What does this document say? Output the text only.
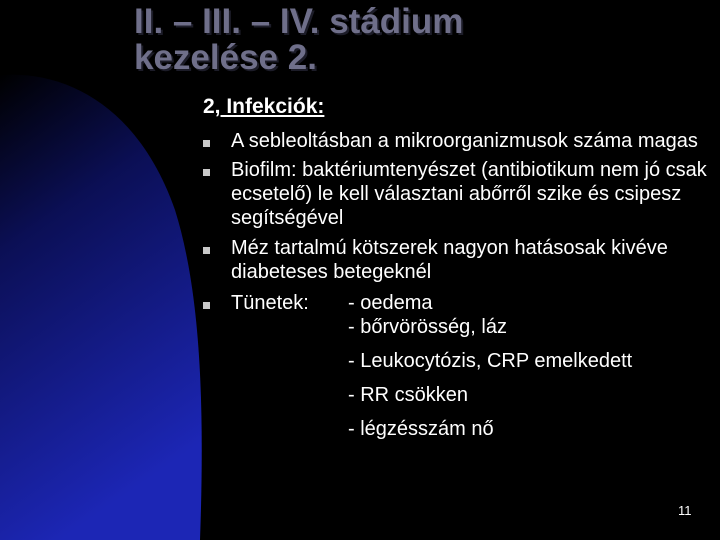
II. – III. – IV. stádium
kezelése 2.
2, Infekciók:
A sebleoltásban a mikroorganizmusok száma magas
Biofilm: baktériumtenyészet (antibiotikum nem jó csak ecsetelő) le kell választani abőrről szike és csipesz segítségével
Méz tartalmú kötszerek nagyon hatásosak kivéve diabeteses betegeknél
Tünetek:	- oedema
- bőrvörösség, láz
- Leukocytózis, CRP emelkedett
- RR csökken
- légzésszám nő
11
